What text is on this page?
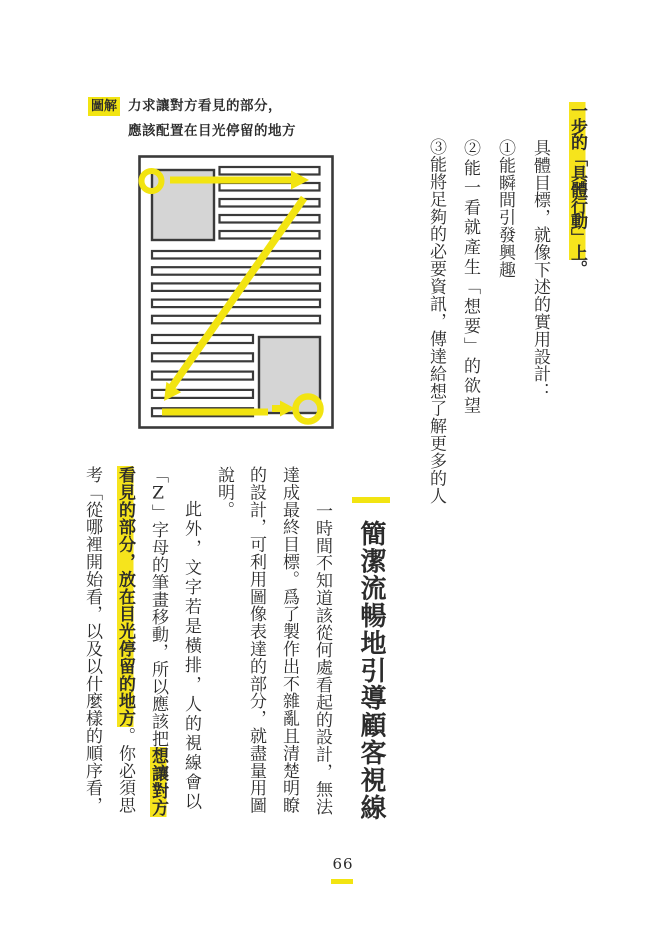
圖解 力求讓對方看見的部分，
應該配置在目光停留的地方	一步的「具體行動」上。
具體目標，就像下述的實用設計：
①能瞬間引發興趣
②能一看就產生「想要」的欲望
③能將足夠的必要資訊，傳達給想了解更多的人
簡潔流暢地引導顧客視線
一時間不知道該從何處看起的設計，無法
達成最終目標。爲了製作出不雜亂且清楚明瞭
的設計，可利用圖像表達的部分，就盡量用圖
說明。
此外，文字若是橫排，人的視線會以
「Z」字母的筆畫移動，所以應該把想讓對方
看見的部分，放在目光停留的地方。你必須思
考「從哪裡開始看，以及以什麼樣的順序看，
66
